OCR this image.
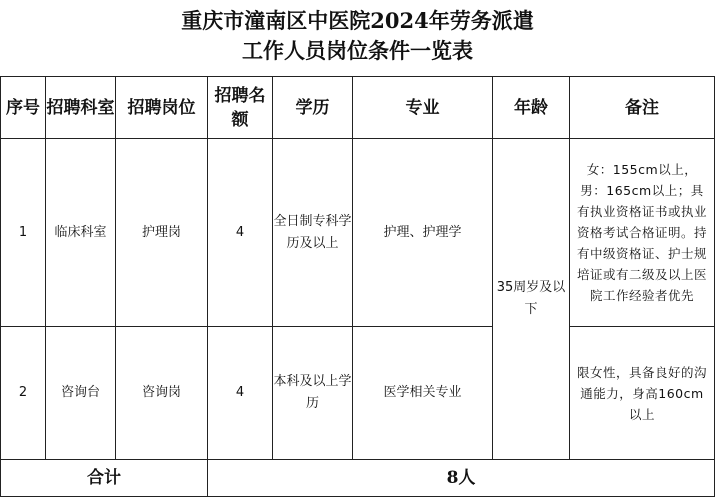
重庆市潼南区中医院2024年劳务派遣
工作人员岗位条件一览表
序号	招聘科室	招聘岗位	招聘名额	学历	专业	年龄	备注
1	临床科室	护理岗	4	全日制专科学历及以上	护理、护理学	35周岁及以下	女：155cm以上，男：165cm以上；具有执业资格证书或执业资格考试合格证明。持有中级资格证、护士规培证或有二级及以上医院工作经验者优先
2	咨询台	咨询岗	4	本科及以上学历	医学相关专业		限女性，具备良好的沟通能力，身高160cm以上
合计			8人				
